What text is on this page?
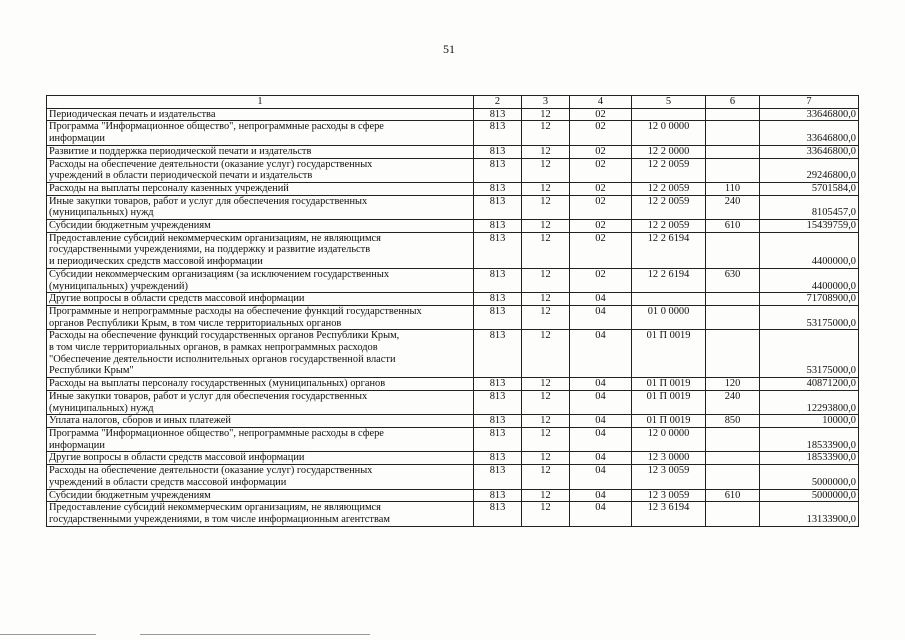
51
1	2	3	4	5	6	7

Периодическая печать и издательства	813	12	02			33646800,0

Программа "Информационное общество", непрограммные расходы в сфере
информации	813	12	02	12 0 0000		33646800,0

Развитие и поддержка периодической печати и издательств	813	12	02	12 2 0000		33646800,0

Расходы на обеспечение деятельности (оказание услуг) государственных
учреждений в области периодической печати и издательств	813	12	02	12 2 0059		29246800,0

Расходы на выплаты персоналу казенных учреждений	813	12	02	12 2 0059	110	5701584,0

Иные закупки товаров, работ и услуг для обеспечения государственных
(муниципальных) нужд	813	12	02	12 2 0059	240	8105457,0

Субсидии бюджетным учреждениям	813	12	02	12 2 0059	610	15439759,0

Предоставление субсидий некоммерческим организациям, не являющимся
государственными учреждениями, на поддержку и развитие издательств
и периодических средств массовой информации	813	12	02	12 2 6194		4400000,0

Субсидии некоммерческим организациям (за исключением государственных
(муниципальных) учреждений)	813	12	02	12 2 6194	630	4400000,0

Другие вопросы в области средств массовой информации	813	12	04			71708900,0

Программные и непрограммные расходы на обеспечение функций государственных
органов Республики Крым, в том числе территориальных органов	813	12	04	01 0 0000		53175000,0

Расходы на обеспечение функций государственных органов Республики Крым,
в том числе территориальных органов, в рамках непрограммных расходов
"Обеспечение деятельности исполнительных органов государственной власти
Республики Крым"	813	12	04	01 П 0019		53175000,0

Расходы на выплаты персоналу государственных (муниципальных) органов	813	12	04	01 П 0019	120	40871200,0

Иные закупки товаров, работ и услуг для обеспечения государственных
(муниципальных) нужд	813	12	04	01 П 0019	240	12293800,0

Уплата налогов, сборов и иных платежей	813	12	04	01 П 0019	850	10000,0

Программа "Информационное общество", непрограммные расходы в сфере
информации	813	12	04	12 0 0000		18533900,0

Другие вопросы в области средств массовой информации	813	12	04	12 3 0000		18533900,0

Расходы на обеспечение деятельности (оказание услуг) государственных
учреждений в области средств массовой информации	813	12	04	12 3 0059		5000000,0

Субсидии бюджетным учреждениям	813	12	04	12 3 0059	610	5000000,0

Предоставление субсидий некоммерческим организациям, не являющимся
государственными учреждениями, в том числе информационным агентствам	813	12	04	12 3 6194		13133900,0
